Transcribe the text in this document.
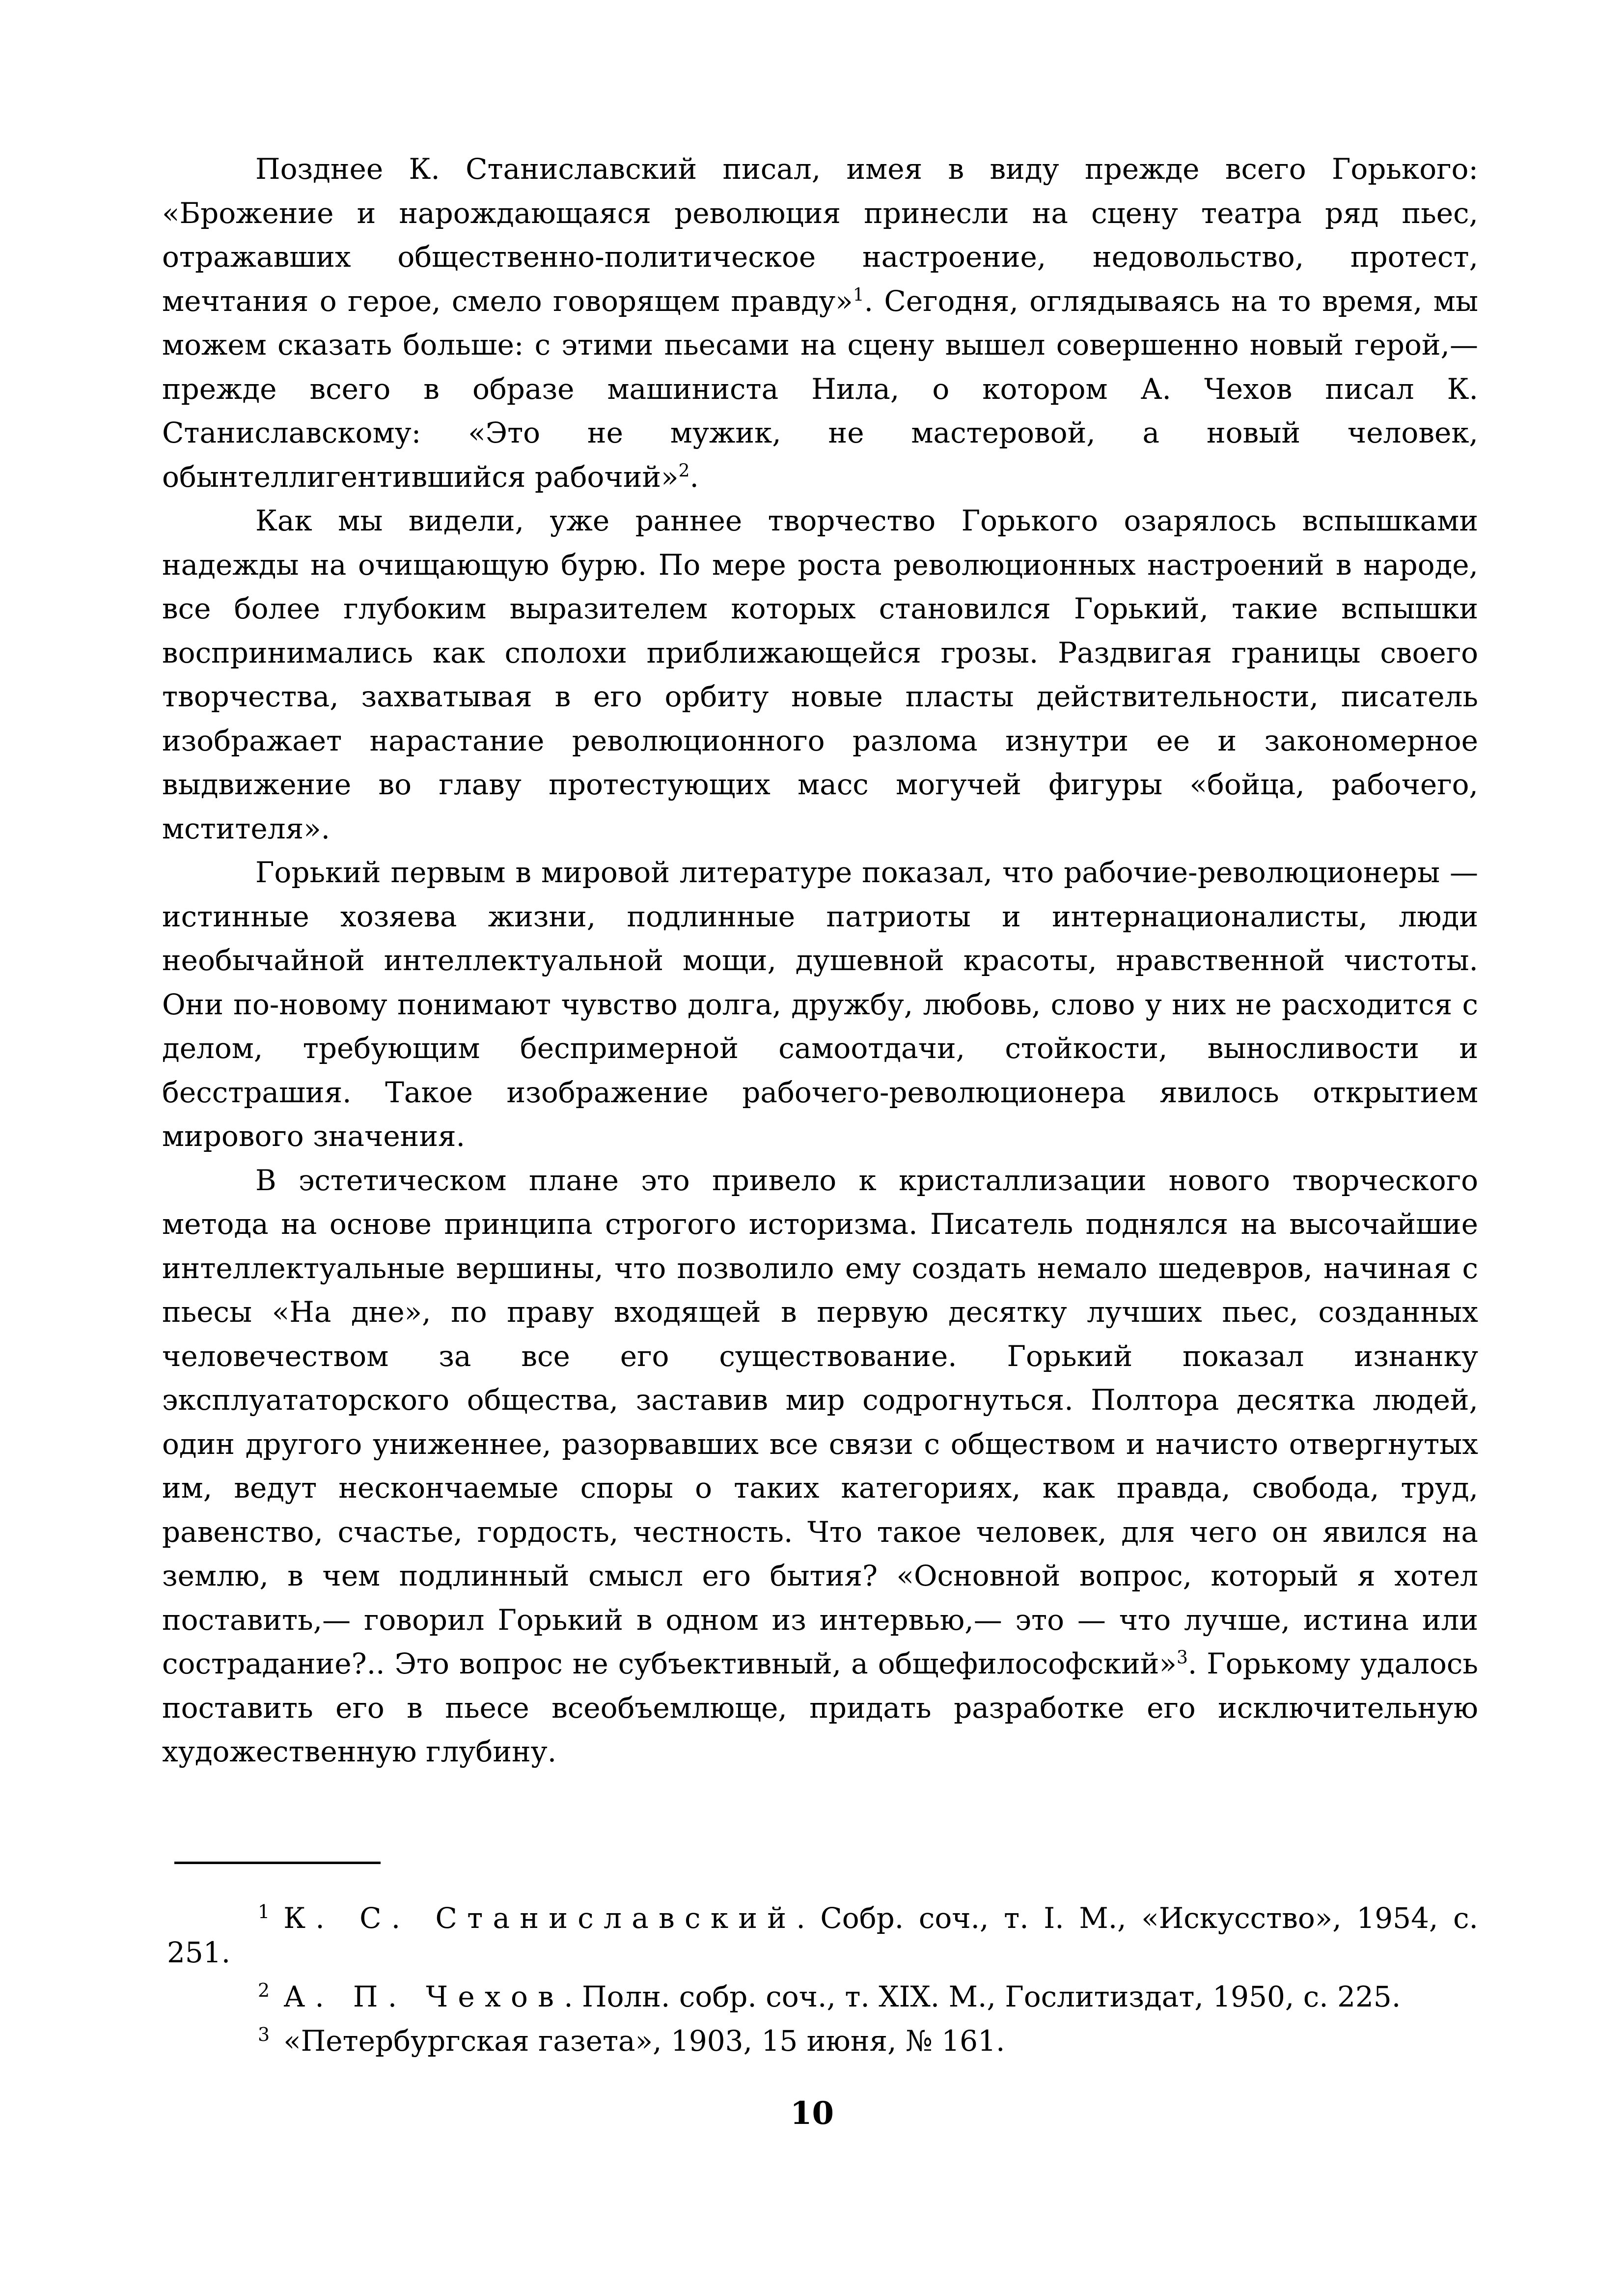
Позднее К. Станиславский писал, имея в виду прежде всего Горького: «Брожение и нарождающаяся революция принесли на сцену театра ряд пьес, отражавших общественно-политическое настроение, недовольство, протест, мечтания о герое, смело говорящем правду»$^1$. Сегодня, оглядываясь на то время, мы можем сказать больше: с этими пьесами на сцену вышел совершенно новый герой,— прежде всего в образе машиниста Нила, о котором А. Чехов писал К. Станиславскому: «Это не мужик, не мастеровой, а новый человек, обынтеллигентившийся рабочий»$^2$.

Как мы видели, уже раннее творчество Горького озарялось вспышками надежды на очищающую бурю. По мере роста революционных настроений в народе, все более глубоким выразителем которых становился Горький, такие вспышки воспринимались как сполохи приближающейся грозы. Раздвигая границы своего творчества, захватывая в его орбиту новые пласты действительности, писатель изображает нарастание революционного разлома изнутри ее и закономерное выдвижение во главу протестующих масс могучей фигуры «бойца, рабочего, мстителя».

Горький первым в мировой литературе показал, что рабочие-революционеры — истинные хозяева жизни, подлинные патриоты и интернационалисты, люди необычайной интеллектуальной мощи, душевной красоты, нравственной чистоты. Они по-новому понимают чувство долга, дружбу, любовь, слово у них не расходится с делом, требующим беспримерной самоотдачи, стойкости, выносливости и бесстрашия. Такое изображение рабочего-революционера явилось открытием мирового значения.

В эстетическом плане это привело к кристаллизации нового творческого метода на основе принципа строгого историзма. Писатель поднялся на высочайшие интеллектуальные вершины, что позволило ему создать немало шедевров, начиная с пьесы «На дне», по праву входящей в первую десятку лучших пьес, созданных человечеством за все его существование. Горький показал изнанку эксплуататорского общества, заставив мир содрогнуться. Полтора десятка людей, один другого униженнее, разорвавших все связи с обществом и начисто отвергнутых им, ведут нескончаемые споры о таких категориях, как правда, свобода, труд, равенство, счастье, гордость, честность. Что такое человек, для чего он явился на землю, в чем подлинный смысл его бытия? «Основной вопрос, который я хотел поставить,— говорил Горький в одном из интервью,— это — что лучше, истина или сострадание?.. Это вопрос не субъективный, а общефилософский»$^3$. Горькому удалось поставить его в пьесе всеобъемлюще, придать разработке его исключительную художественную глубину.

$^1$ К. С. Станиславский. Собр. соч., т. I. М., «Искусство», 1954, с. 251.

$^2$ А. П. Чехов. Полн. собр. соч., т. XIX. М., Гослитиздат, 1950, с. 225.

$^3$ «Петербургская газета», 1903, 15 июня, № 161.

10
